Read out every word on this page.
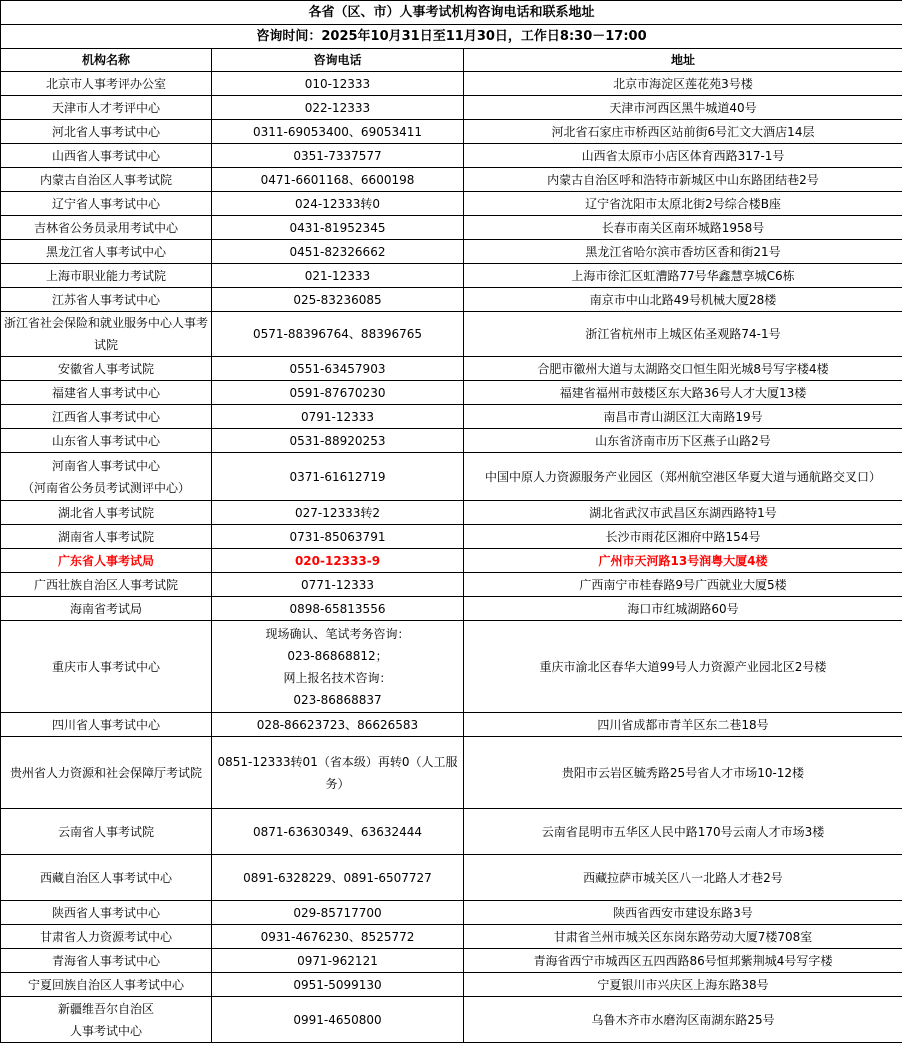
各省（区、市）人事考试机构咨询电话和联系地址		
咨询时间：2025年10月31日至11月30日，工作日8:30－17:00		
机构名称	咨询电话	地址

北京市人事考评办公室	010-12333	北京市海淀区莲花苑3号楼

天津市人才考评中心	022-12333	天津市河西区黑牛城道40号

河北省人事考试中心	0311-69053400、69053411	河北省石家庄市桥西区站前街6号汇文大酒店14层

山西省人事考试中心	0351-7337577	山西省太原市小店区体育西路317-1号

内蒙古自治区人事考试院	0471-6601168、6600198	内蒙古自治区呼和浩特市新城区中山东路团结巷2号

辽宁省人事考试中心	024-12333转0	辽宁省沈阳市太原北街2号综合楼B座

吉林省公务员录用考试中心	0431-81952345	长春市南关区南环城路1958号

黑龙江省人事考试中心	0451-82326662	黑龙江省哈尔滨市香坊区香和街21号

上海市职业能力考试院	021-12333	上海市徐汇区虹漕路77号华鑫慧享城C6栋

江苏省人事考试中心	025-83236085	南京市中山北路49号机械大厦28楼

浙江省社会保险和就业服务中心人事考试院	0571-88396764、88396765	浙江省杭州市上城区佑圣观路74-1号

安徽省人事考试院	0551-63457903	合肥市徽州大道与太湖路交口恒生阳光城8号写字楼4楼

福建省人事考试中心	0591-87670230	福建省福州市鼓楼区东大路36号人才大厦13楼

江西省人事考试中心	0791-12333	南昌市青山湖区江大南路19号

山东省人事考试中心	0531-88920253	山东省济南市历下区燕子山路2号

河南省人事考试中心
（河南省公务员考试测评中心）	0371-61612719	中国中原人力资源服务产业园区（郑州航空港区华夏大道与通航路交叉口）

湖北省人事考试院	027-12333转2	湖北省武汉市武昌区东湖西路特1号

湖南省人事考试院	0731-85063791	长沙市雨花区湘府中路154号

广东省人事考试局	020-12333-9	广州市天河路13号润粤大厦4楼

广西壮族自治区人事考试院	0771-12333	广西南宁市桂春路9号广西就业大厦5楼

海南省考试局	0898-65813556	海口市红城湖路60号

重庆市人事考试中心	现场确认、笔试考务咨询：
023-86868812；
网上报名技术咨询：
023-86868837	重庆市渝北区春华大道99号人力资源产业园北区2号楼

四川省人事考试中心	028-86623723、86626583	四川省成都市青羊区东二巷18号

贵州省人力资源和社会保障厅考试院	0851-12333转01（省本级）再转0（人工服务）	贵阳市云岩区毓秀路25号省人才市场10-12楼

云南省人事考试院	0871-63630349、63632444	云南省昆明市五华区人民中路170号云南人才市场3楼

西藏自治区人事考试中心	0891-6328229、0891-6507727	西藏拉萨市城关区八一北路人才巷2号

陕西省人事考试中心	029-85717700	陕西省西安市建设东路3号

甘肃省人力资源考试中心	0931-4676230、8525772	甘肃省兰州市城关区东岗东路劳动大厦7楼708室

青海省人事考试中心	0971-962121	青海省西宁市城西区五四西路86号恒邦紫荆城4号写字楼

宁夏回族自治区人事考试中心	0951-5099130	宁夏银川市兴庆区上海东路38号

新疆维吾尔自治区
人事考试中心	0991-4650800	乌鲁木齐市水磨沟区南湖东路25号
